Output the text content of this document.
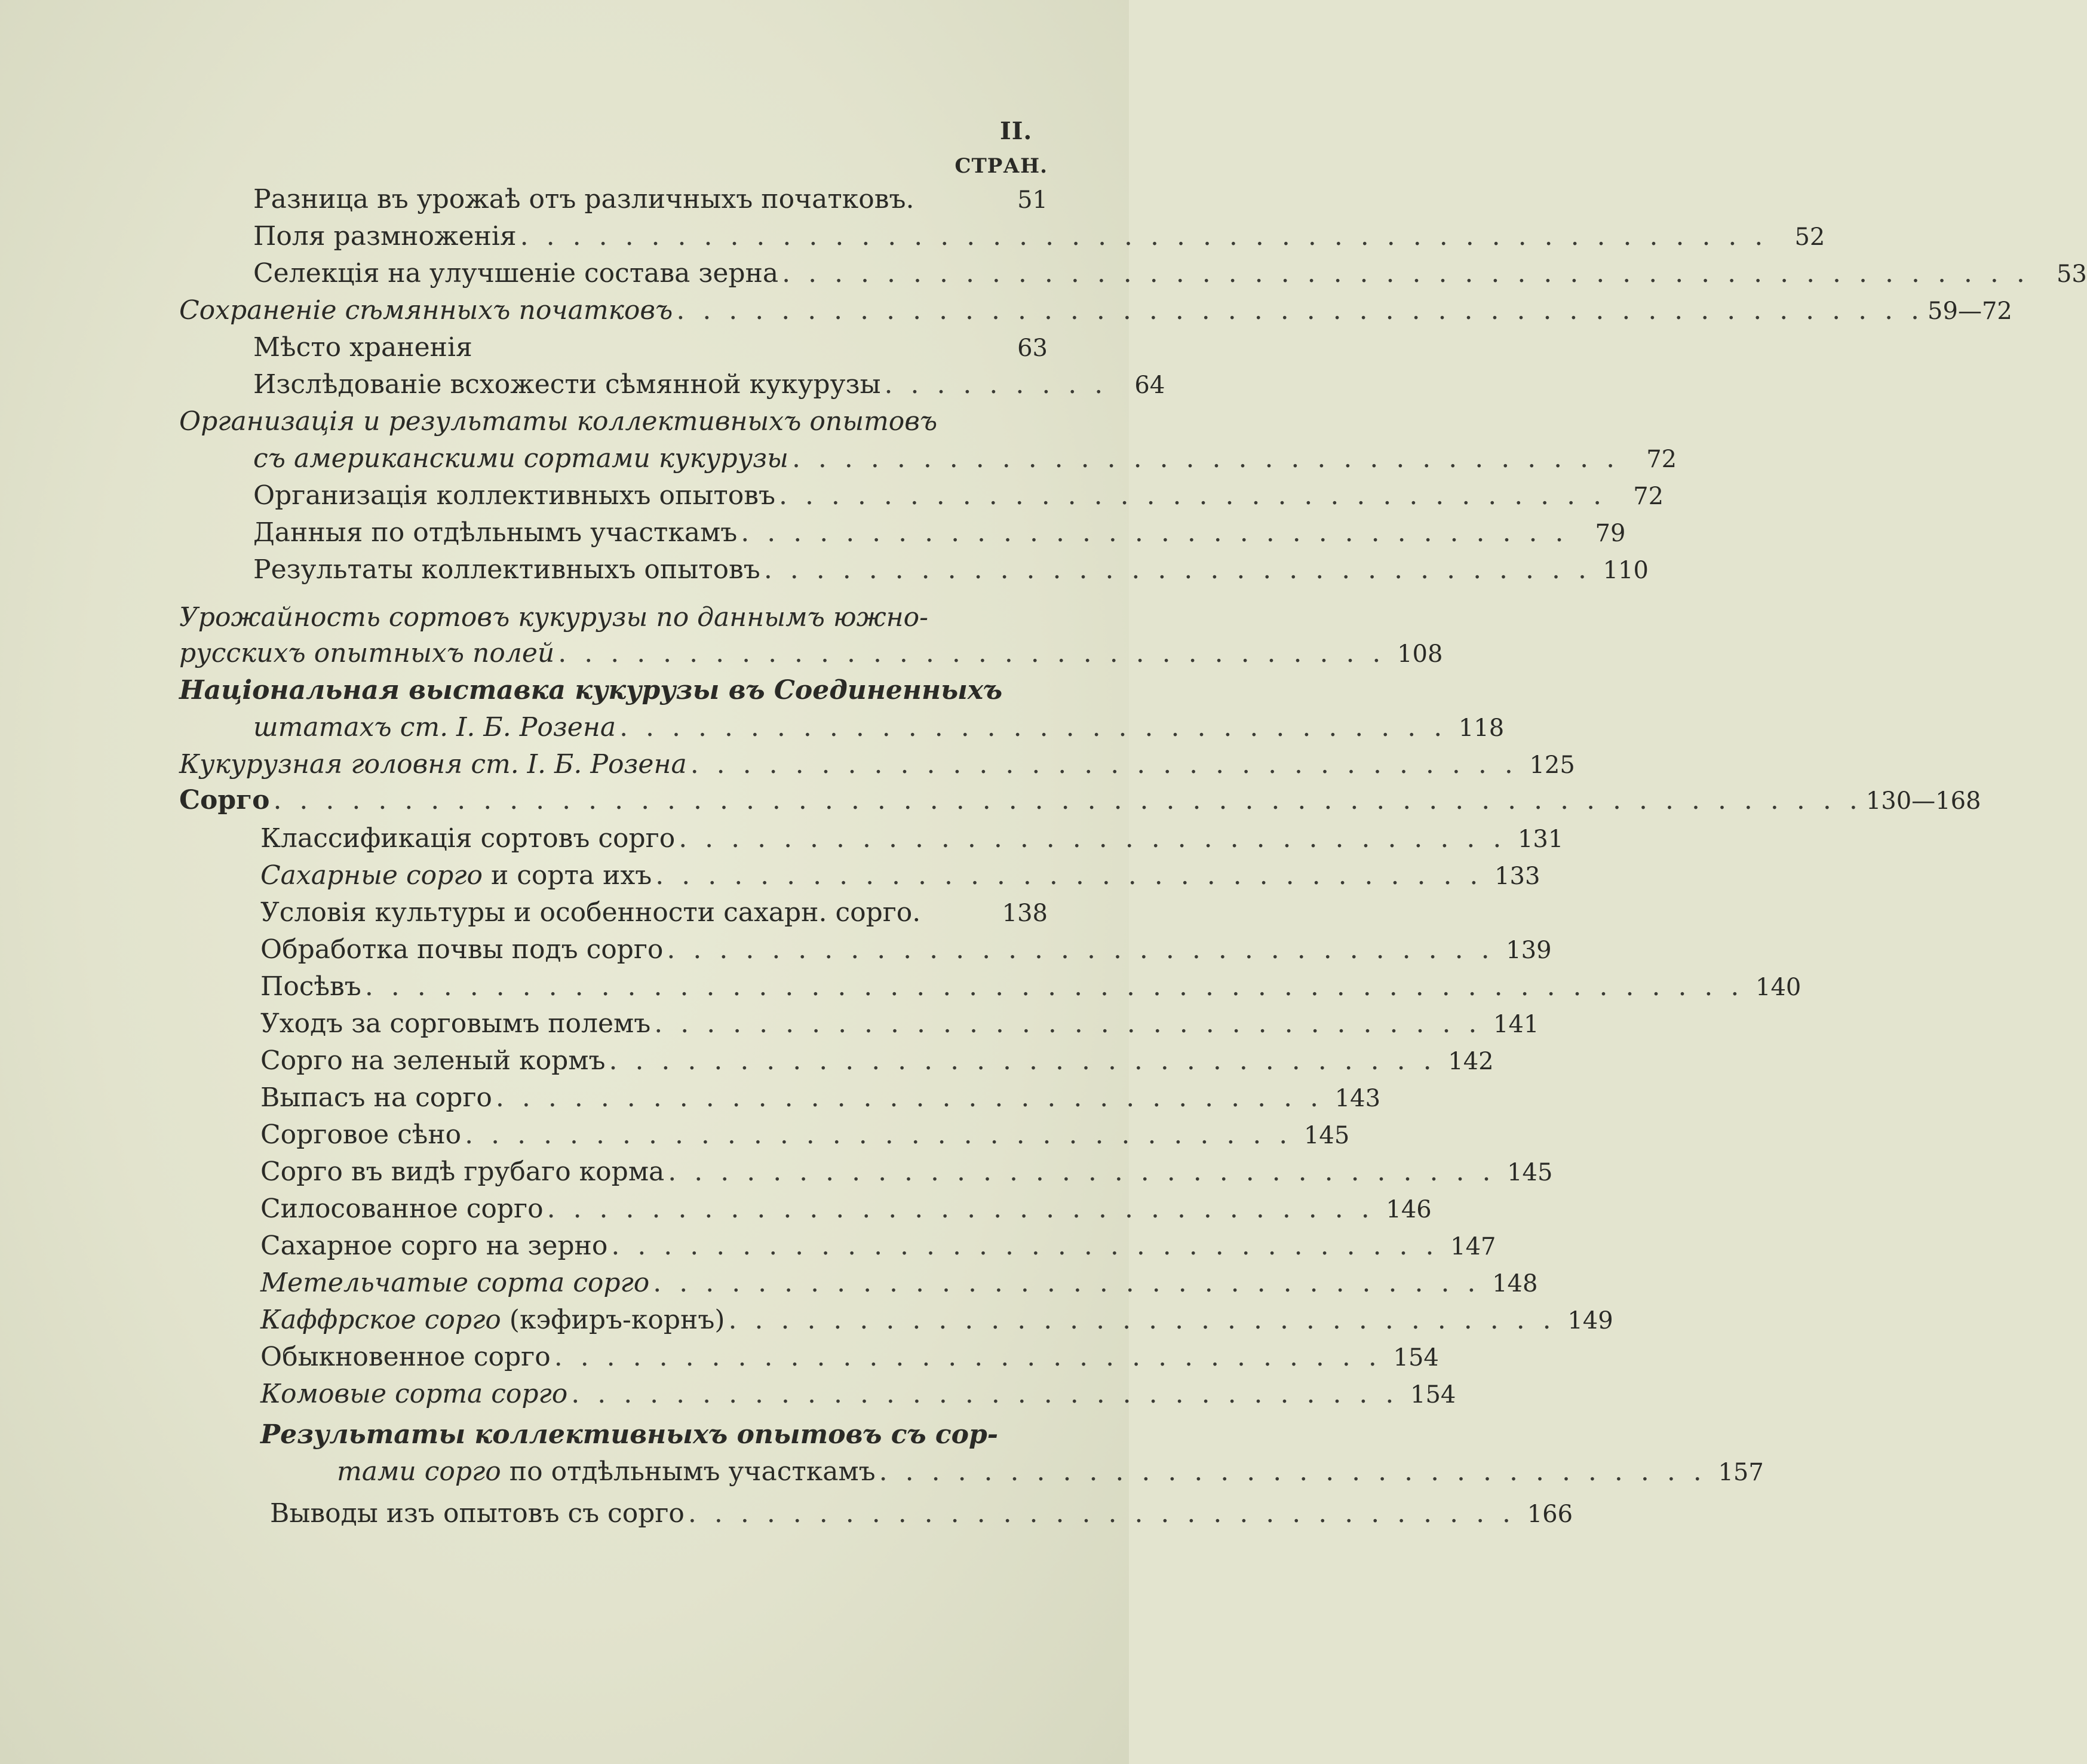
II.
СТРАН.
Разница въ урожаѣ отъ различныхъ початковъ.	51
Поля размноженія . . . . . . . . . . . . . . . . . . . . . . . . . . . . . . . . . . . . . . . . . . . . . . . .	52
Селекція на улучшеніе состава зерна . . . . . . . . . . . . . . . . . . . . . . . . . . . . . . . . . . . . . . . . . . . . . . . .	53
Сохраненіе сѣмянныхъ початковъ . . . . . . . . . . . . . . . . . . . . . . . . . . . . . . . . . . . . . . . . . . . . . . . . 59—72
Мѣсто храненія	63
Изслѣдованіе всхожести сѣмянной кукурузы . . . . . . . . .	64
Организація и результаты коллективныхъ опытовъ
съ американскими сортами кукурузы . . . . . . . . . . . . . . . . . . . . . . . . . . . . . . . .	72
Организація коллективныхъ опытовъ . . . . . . . . . . . . . . . . . . . . . . . . . . . . . . . .	72
Данныя по отдѣльнымъ участкамъ . . . . . . . . . . . . . . . . . . . . . . . . . . . . . . . .	79
Результаты коллективныхъ опытовъ . . . . . . . . . . . . . . . . . . . . . . . . . . . . . . . . 110
Урожайность сортовъ кукурузы по даннымъ южно-
русскихъ опытныхъ полей . . . . . . . . . . . . . . . . . . . . . . . . . . . . . . . . 108
Національная выставка кукурузы въ Соединенныхъ
штатахъ ст. І. Б. Розена . . . . . . . . . . . . . . . . . . . . . . . . . . . . . . . . 118
Кукурузная головня ст. І. Б. Розена . . . . . . . . . . . . . . . . . . . . . . . . . . . . . . . . 125
Сорго . . . . . . . . . . . . . . . . . . . . . . . . . . . . . . . . . . . . . . . . . . . . . . . . . . . . . . . . . . . . . 130—168
Классификація сортовъ сорго . . . . . . . . . . . . . . . . . . . . . . . . . . . . . . . . 131
Сахарные сорго и сорта ихъ . . . . . . . . . . . . . . . . . . . . . . . . . . . . . . . . 133
Условія культуры и особенности сахарн. сорго.	138
Обработка почвы подъ сорго . . . . . . . . . . . . . . . . . . . . . . . . . . . . . . . . 139
Посѣвъ . . . . . . . . . . . . . . . . . . . . . . . . . . . . . . . . . . . . . . . . . . . . . . . . . . . . . 140
Уходъ за сорговымъ полемъ . . . . . . . . . . . . . . . . . . . . . . . . . . . . . . . . 141
Сорго на зеленый кормъ . . . . . . . . . . . . . . . . . . . . . . . . . . . . . . . . 142
Выпасъ на сорго . . . . . . . . . . . . . . . . . . . . . . . . . . . . . . . . 143
Сорговое сѣно . . . . . . . . . . . . . . . . . . . . . . . . . . . . . . . . 145
Сорго въ видѣ грубаго корма . . . . . . . . . . . . . . . . . . . . . . . . . . . . . . . . 145
Силосованное сорго . . . . . . . . . . . . . . . . . . . . . . . . . . . . . . . . 146
Сахарное сорго на зерно . . . . . . . . . . . . . . . . . . . . . . . . . . . . . . . . 147
Метельчатые сорта сорго . . . . . . . . . . . . . . . . . . . . . . . . . . . . . . . . 148
Каффрское сорго (кэфиръ-корнъ) . . . . . . . . . . . . . . . . . . . . . . . . . . . . . . . . 149
Обыкновенное сорго . . . . . . . . . . . . . . . . . . . . . . . . . . . . . . . . 154
Комовые сорта сорго . . . . . . . . . . . . . . . . . . . . . . . . . . . . . . . . 154
Результаты коллективныхъ опытовъ съ сор-
тами сорго по отдѣльнымъ участкамъ . . . . . . . . . . . . . . . . . . . . . . . . . . . . . . . . 157
Выводы изъ опытовъ съ сорго . . . . . . . . . . . . . . . . . . . . . . . . . . . . . . . . 166
